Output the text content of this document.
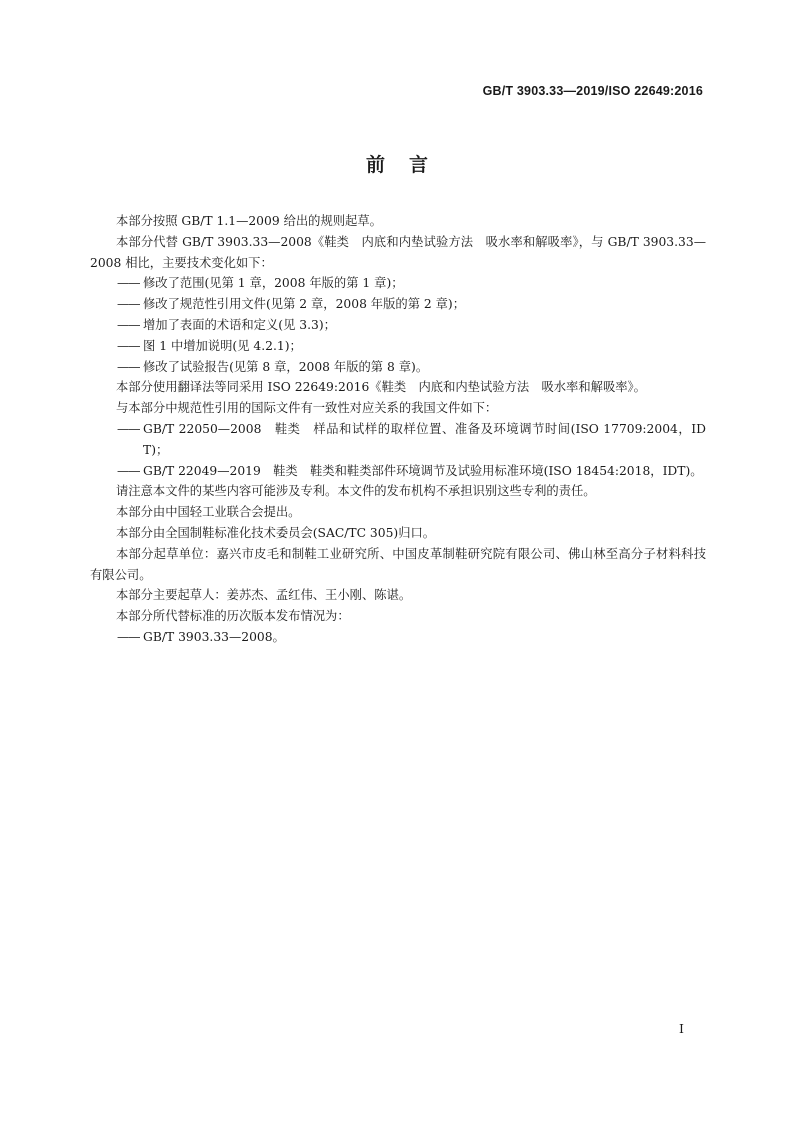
GB/T 3903.33—2019/ISO 22649:2016
前言

本部分按照 GB/T 1.1—2009 给出的规则起草。

本部分代替 GB/T 3903.33—2008《鞋类　内底和内垫试验方法　吸水率和解吸率》，与 GB/T 3903.33—2008 相比，主要技术变化如下：

—— 修改了范围(见第 1 章，2008 年版的第 1 章)；

—— 修改了规范性引用文件(见第 2 章，2008 年版的第 2 章)；

—— 增加了表面的术语和定义(见 3.3)；

—— 图 1 中增加说明(见 4.2.1)；

—— 修改了试验报告(见第 8 章，2008 年版的第 8 章)。

本部分使用翻译法等同采用 ISO 22649:2016《鞋类　内底和内垫试验方法　吸水率和解吸率》。

与本部分中规范性引用的国际文件有一致性对应关系的我国文件如下：

—— GB/T 22050—2008　鞋类　样品和试样的取样位置、准备及环境调节时间(ISO 17709:2004，IDT)；

—— GB/T 22049—2019　鞋类　鞋类和鞋类部件环境调节及试验用标准环境(ISO 18454:2018，IDT)。

请注意本文件的某些内容可能涉及专利。本文件的发布机构不承担识别这些专利的责任。

本部分由中国轻工业联合会提出。

本部分由全国制鞋标准化技术委员会(SAC/TC 305)归口。

本部分起草单位：嘉兴市皮毛和制鞋工业研究所、中国皮革制鞋研究院有限公司、佛山林至高分子材料科技有限公司。

本部分主要起草人：姜苏杰、孟红伟、王小刚、陈谌。

本部分所代替标准的历次版本发布情况为：

—— GB/T 3903.33—2008。

I
